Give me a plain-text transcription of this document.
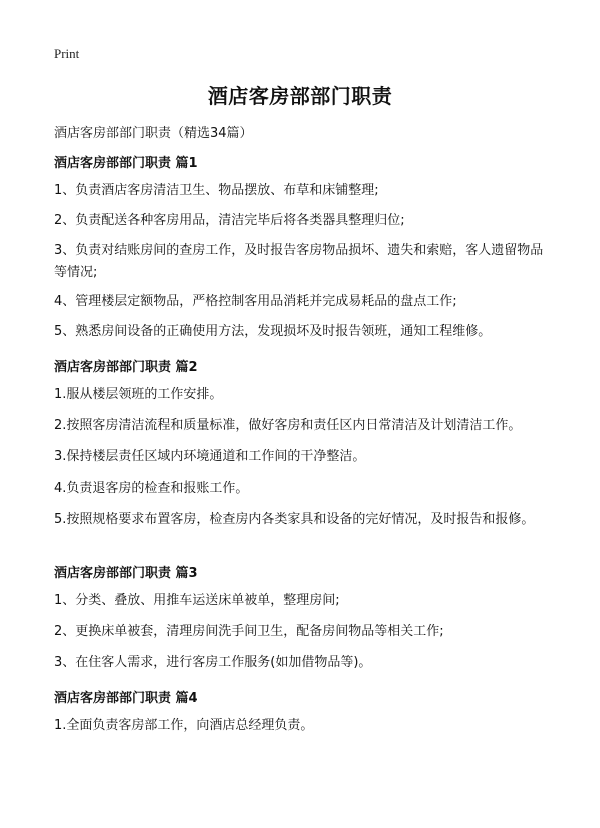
Print
酒店客房部部门职责
酒店客房部部门职责（精选34篇）
酒店客房部部门职责 篇1
1、负责酒店客房清洁卫生、物品摆放、布草和床铺整理;
2、负责配送各种客房用品，清洁完毕后将各类器具整理归位;
3、负责对结账房间的查房工作，及时报告客房物品损坏、遗失和索赔，客人遗留物品等情况;
4、管理楼层定额物品，严格控制客用品消耗并完成易耗品的盘点工作;
5、熟悉房间设备的正确使用方法，发现损坏及时报告领班，通知工程维修。
酒店客房部部门职责 篇2
1.服从楼层领班的工作安排。
2.按照客房清洁流程和质量标准，做好客房和责任区内日常清洁及计划清洁工作。
3.保持楼层责任区域内环境通道和工作间的干净整洁。
4.负责退客房的检查和报账工作。
5.按照规格要求布置客房，检查房内各类家具和设备的完好情况，及时报告和报修。
酒店客房部部门职责 篇3
1、分类、叠放、用推车运送床单被单，整理房间;
2、更换床单被套，清理房间洗手间卫生，配备房间物品等相关工作;
3、在住客人需求，进行客房工作服务(如加借物品等)。
酒店客房部部门职责 篇4
1.全面负责客房部工作，向酒店总经理负责。
